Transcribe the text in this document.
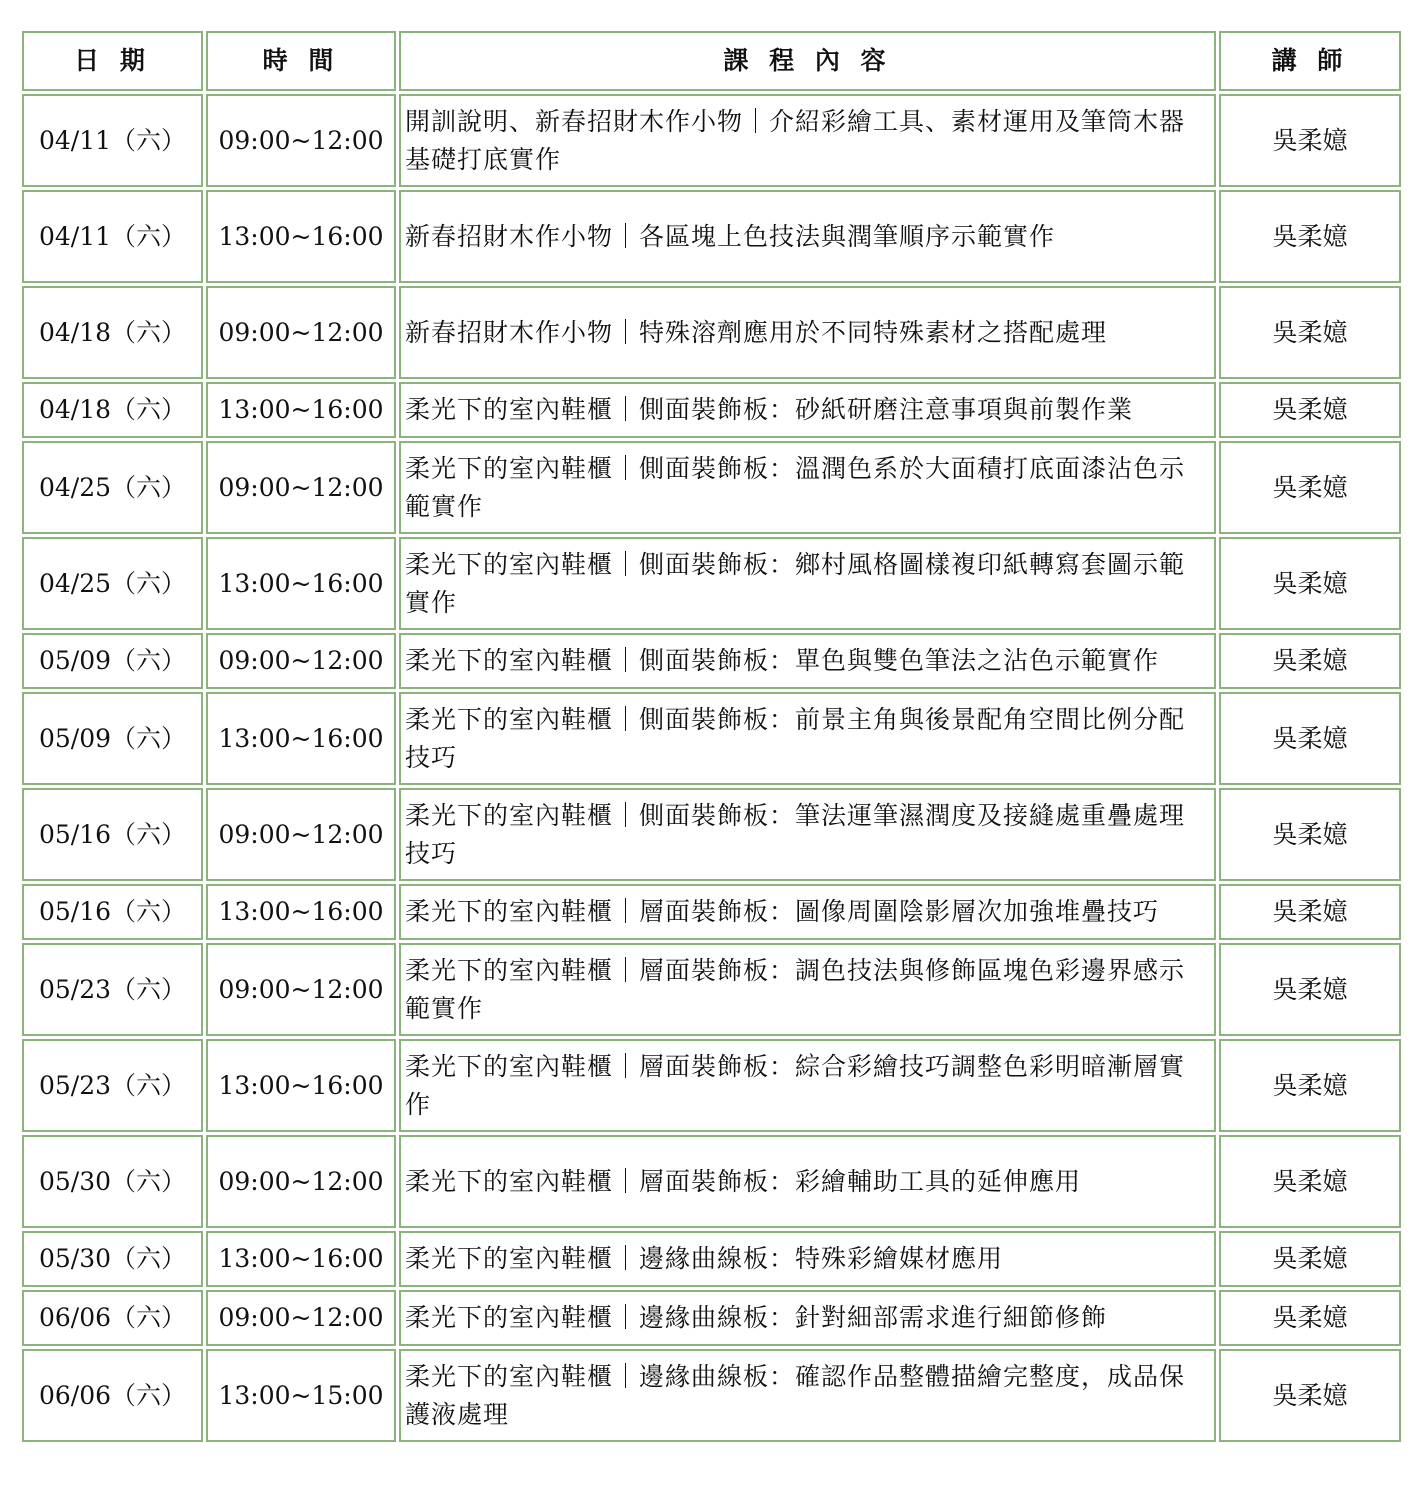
日 期	時 間	課 程 內 容	講 師
04/11（六）	09:00~12:00	開訓說明、新春招財木作小物｜介紹彩繪工具、素材運用及筆筒木器基礎打底實作	吳柔嬑
04/11（六）	13:00~16:00	新春招財木作小物｜各區塊上色技法與潤筆順序示範實作	吳柔嬑
04/18（六）	09:00~12:00	新春招財木作小物｜特殊溶劑應用於不同特殊素材之搭配處理	吳柔嬑
04/18（六）	13:00~16:00	柔光下的室內鞋櫃｜側面裝飾板：砂紙研磨注意事項與前製作業	吳柔嬑
04/25（六）	09:00~12:00	柔光下的室內鞋櫃｜側面裝飾板：溫潤色系於大面積打底面漆沾色示範實作	吳柔嬑
04/25（六）	13:00~16:00	柔光下的室內鞋櫃｜側面裝飾板：鄉村風格圖樣複印紙轉寫套圖示範實作	吳柔嬑
05/09（六）	09:00~12:00	柔光下的室內鞋櫃｜側面裝飾板：單色與雙色筆法之沾色示範實作	吳柔嬑
05/09（六）	13:00~16:00	柔光下的室內鞋櫃｜側面裝飾板：前景主角與後景配角空間比例分配技巧	吳柔嬑
05/16（六）	09:00~12:00	柔光下的室內鞋櫃｜側面裝飾板：筆法運筆濕潤度及接縫處重疊處理技巧	吳柔嬑
05/16（六）	13:00~16:00	柔光下的室內鞋櫃｜層面裝飾板：圖像周圍陰影層次加強堆疊技巧	吳柔嬑
05/23（六）	09:00~12:00	柔光下的室內鞋櫃｜層面裝飾板：調色技法與修飾區塊色彩邊界感示範實作	吳柔嬑
05/23（六）	13:00~16:00	柔光下的室內鞋櫃｜層面裝飾板：綜合彩繪技巧調整色彩明暗漸層實作	吳柔嬑
05/30（六）	09:00~12:00	柔光下的室內鞋櫃｜層面裝飾板：彩繪輔助工具的延伸應用	吳柔嬑
05/30（六）	13:00~16:00	柔光下的室內鞋櫃｜邊緣曲線板：特殊彩繪媒材應用	吳柔嬑
06/06（六）	09:00~12:00	柔光下的室內鞋櫃｜邊緣曲線板：針對細部需求進行細節修飾	吳柔嬑
06/06（六）	13:00~15:00	柔光下的室內鞋櫃｜邊緣曲線板：確認作品整體描繪完整度，成品保護液處理	吳柔嬑
